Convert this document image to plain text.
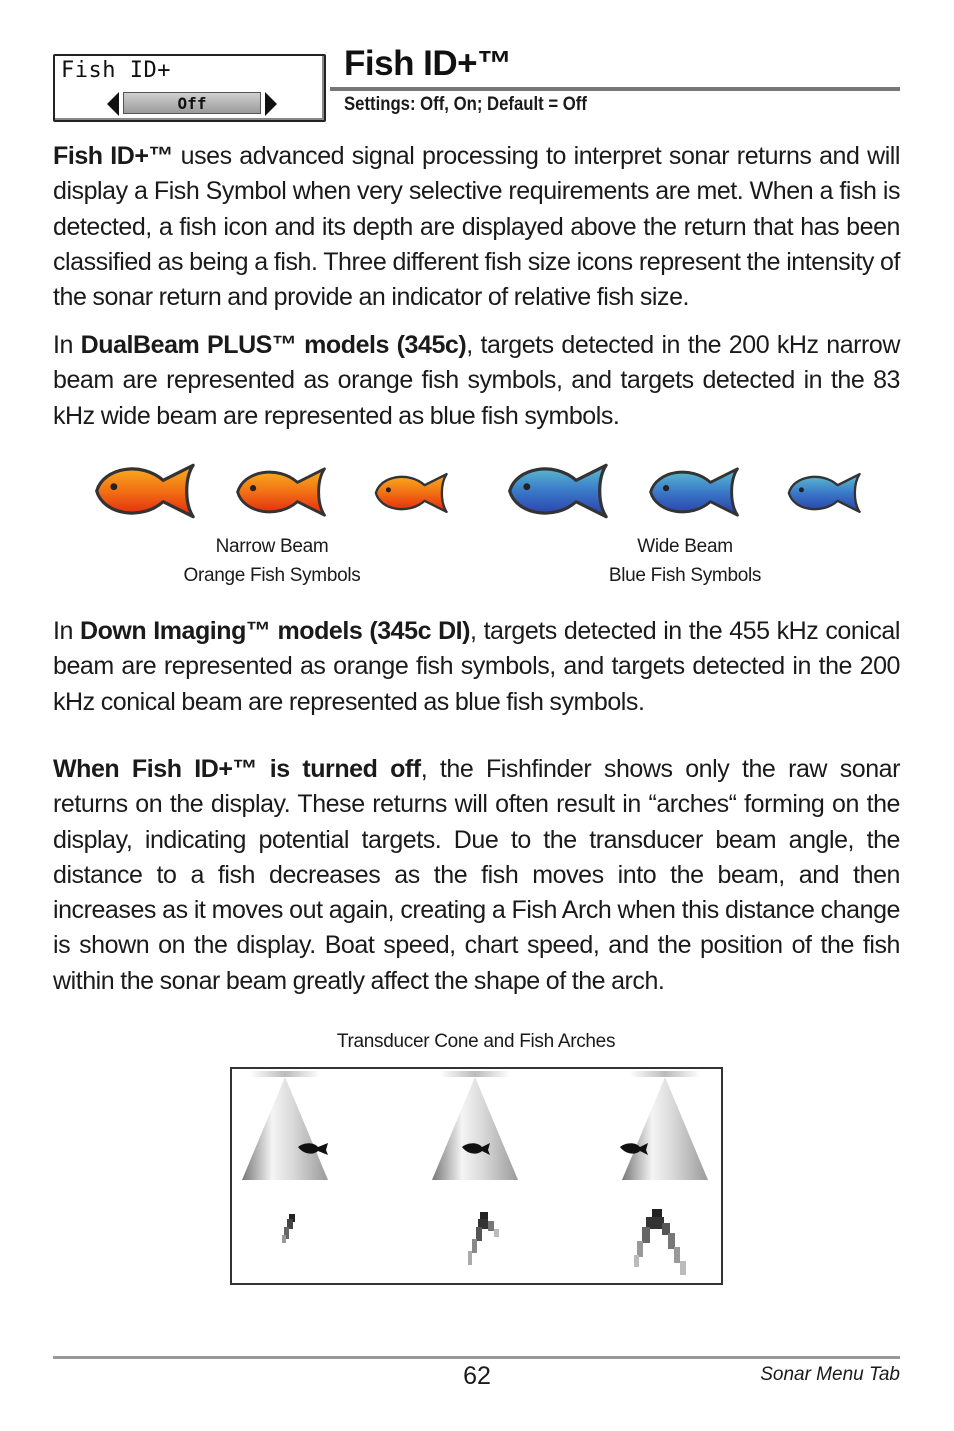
Fish ID+
Off
Fish ID+™
Settings: Off, On; Default = Off
Fish ID+™ uses advanced signal processing to interpret sonar returns and will display a Fish Symbol when very selective requirements are met. When a fish is detected, a fish icon and its depth are displayed above the return that has been classified as being a fish. Three different fish size icons represent the intensity of the sonar return and provide an indicator of relative fish size.
In DualBeam PLUS™ models (345c), targets detected in the 200 kHz narrow beam are represented as orange fish symbols, and targets detected in the 83 kHz wide beam are represented as blue fish symbols.
Narrow Beam
Orange Fish Symbols
Wide Beam
Blue Fish Symbols
In Down Imaging™ models (345c DI), targets detected in the 455 kHz conical beam are represented as orange fish symbols, and targets detected in the 200 kHz conical beam are represented as blue fish symbols.
When Fish ID+™ is turned off, the Fishfinder shows only the raw sonar returns on the display. These returns will often result in “arches“ forming on the display, indicating potential targets. Due to the transducer beam angle, the distance to a fish decreases as the fish moves into the beam, and then increases as it moves out again, creating a Fish Arch when this distance change is shown on the display. Boat speed, chart speed, and the position of the fish within the sonar beam greatly affect the shape of the arch.
Transducer Cone and Fish Arches
62	Sonar Menu Tab
